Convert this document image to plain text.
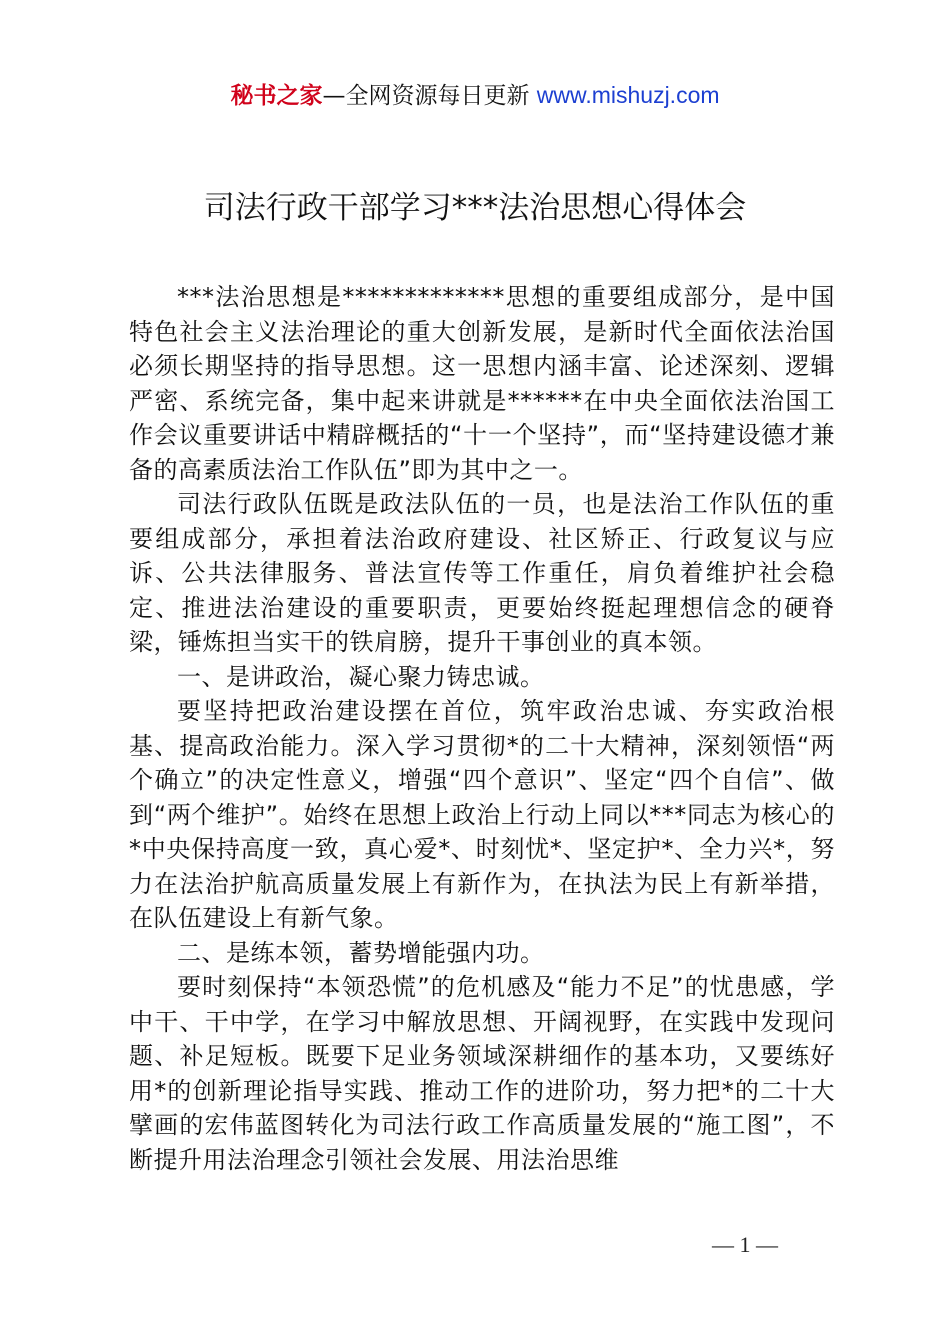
秘书之家—全网资源每日更新 www.mishuzj.com
司法行政干部学习***法治思想心得体会

***法治思想是*************思想的重要组成部分，是中国特色社会主义法治理论的重大创新发展，是新时代全面依法治国必须长期坚持的指导思想。这一思想内涵丰富、论述深刻、逻辑严密、系统完备，集中起来讲就是******在中央全面依法治国工作会议重要讲话中精辟概括的“十一个坚持”，而“坚持建设德才兼备的高素质法治工作队伍”即为其中之一。

司法行政队伍既是政法队伍的一员，也是法治工作队伍的重要组成部分，承担着法治政府建设、社区矫正、行政复议与应诉、公共法律服务、普法宣传等工作重任，肩负着维护社会稳定、推进法治建设的重要职责，更要始终挺起理想信念的硬脊梁，锤炼担当实干的铁肩膀，提升干事创业的真本领。

一、是讲政治，凝心聚力铸忠诚。

要坚持把政治建设摆在首位，筑牢政治忠诚、夯实政治根基、提高政治能力。深入学习贯彻*的二十大精神，深刻领悟“两个确立”的决定性意义，增强“四个意识”、坚定“四个自信”、做到“两个维护”。始终在思想上政治上行动上同以***同志为核心的*中央保持高度一致，真心爱*、时刻忧*、坚定护*、全力兴*，努力在法治护航高质量发展上有新作为，在执法为民上有新举措，在队伍建设上有新气象。

二、是练本领，蓄势增能强内功。

要时刻保持“本领恐慌”的危机感及“能力不足”的忧患感，学中干、干中学，在学习中解放思想、开阔视野，在实践中发现问题、补足短板。既要下足业务领域深耕细作的基本功，又要练好用*的创新理论指导实践、推动工作的进阶功，努力把*的二十大擘画的宏伟蓝图转化为司法行政工作高质量发展的“施工图”，不断提升用法治理念引领社会发展、用法治思维

— 1 —
